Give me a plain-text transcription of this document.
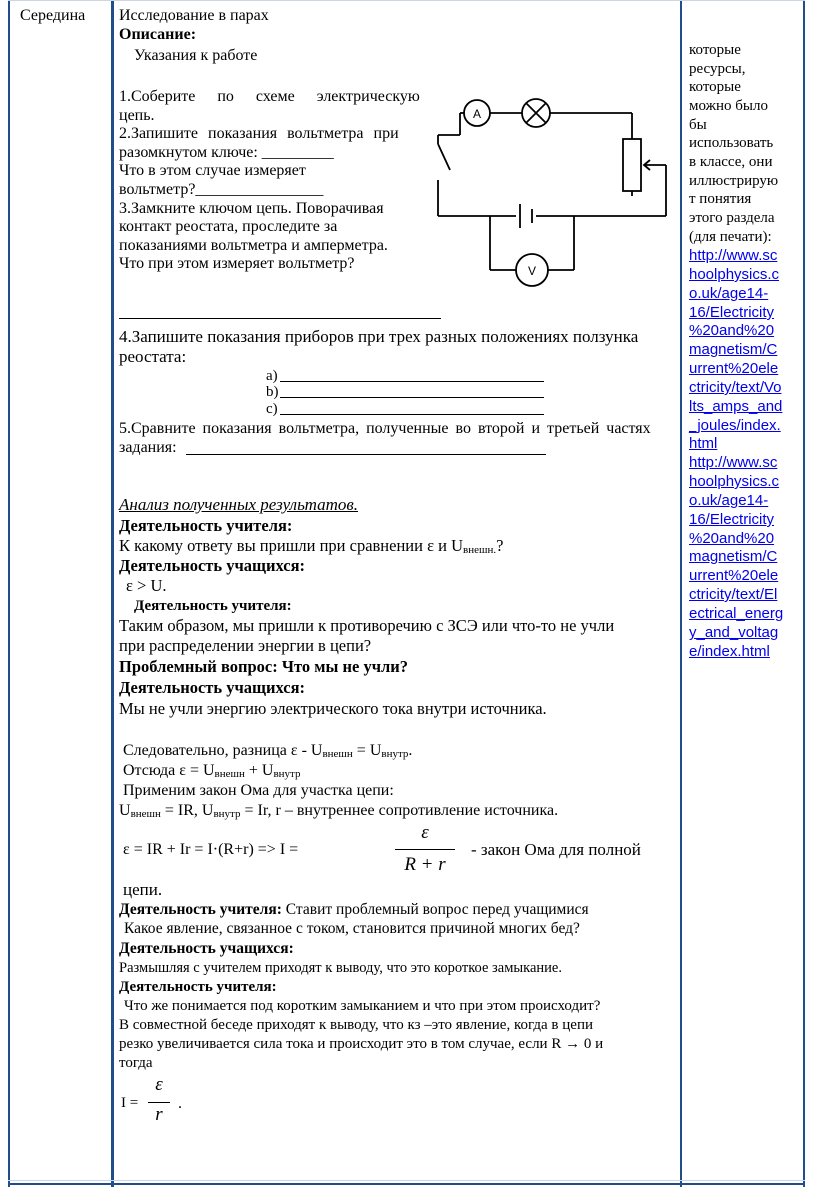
Середина Исследование в парах
Описание:
Указания к работе
1.Соберите по схеме электрическую
цепь.
2.Запишите показания вольтметра при
разомкнутом ключе: _________
Что в этом случае измеряет
вольтметр?________________
3.Замкните ключом цепь. Поворачивая
контакт реостата, проследите за
показаниями вольтметра и амперметра.
Что при этом измеряет вольтметр?
A
V
4.Запишите показания приборов при трех разных положениях ползунка
реостата:
a)
b)
c)
5.Сравните показания вольтметра, полученные во второй и третьей частях
задания:
Анализ полученных результатов.
Деятельность учителя:
К какому ответу вы пришли при сравнении ε и $U_{внешн.}$?
Деятельность учащихся:
ε > U.
Деятельность учителя:
Таким образом, мы пришли к противоречию с ЗСЭ или что-то не учли
при распределении энергии в цепи?
Проблемный вопрос: Что мы не учли?
Деятельность учащихся:
Мы не учли энергию электрического тока внутри источника.
Следовательно, разница $\varepsilon - U_{внешн} = U_{внутр}$.
Отсюда $\varepsilon = U_{внешн} + U_{внутр}$
Применим закон Ома для участка цепи:
$U_{внешн}$ = IR, $U_{внутр} = Ir$, r – внутреннее сопротивление источника.
ε = IR + Ir = I·(R+r) => I =
ε
R + r
- закон Ома для полной
цепи.
Деятельность учителя: Ставит проблемный вопрос перед учащимися
Какое явление, связанное с током, становится причиной многих бед?
Деятельность учащихся:
Размышляя с учителем приходят к выводу, что это короткое замыкание.
Деятельность учителя:
Что же понимается под коротким замыканием и что при этом происходит?
В совместной беседе приходят к выводу, что кз –это явление, когда в цепи
резко увеличивается сила тока и происходит это в том случае, если R → 0 и
тогда
I =
ε
r
.
которые
ресурсы,
которые
можно было
бы
использовать
в классе, они
иллюстрирую
т понятия
этого раздела
(для печати):
http://www.sc
hoolphysics.c
o.uk/age14-
16/Electricity
%20and%20
magnetism/C
urrent%20ele
ctricity/text/Vo
lts_amps_and
_joules/index.
html
http://www.sc
hoolphysics.c
o.uk/age14-
16/Electricity
%20and%20
magnetism/C
urrent%20ele
ctricity/text/El
ectrical_energ
y_and_voltag
e/index.html
